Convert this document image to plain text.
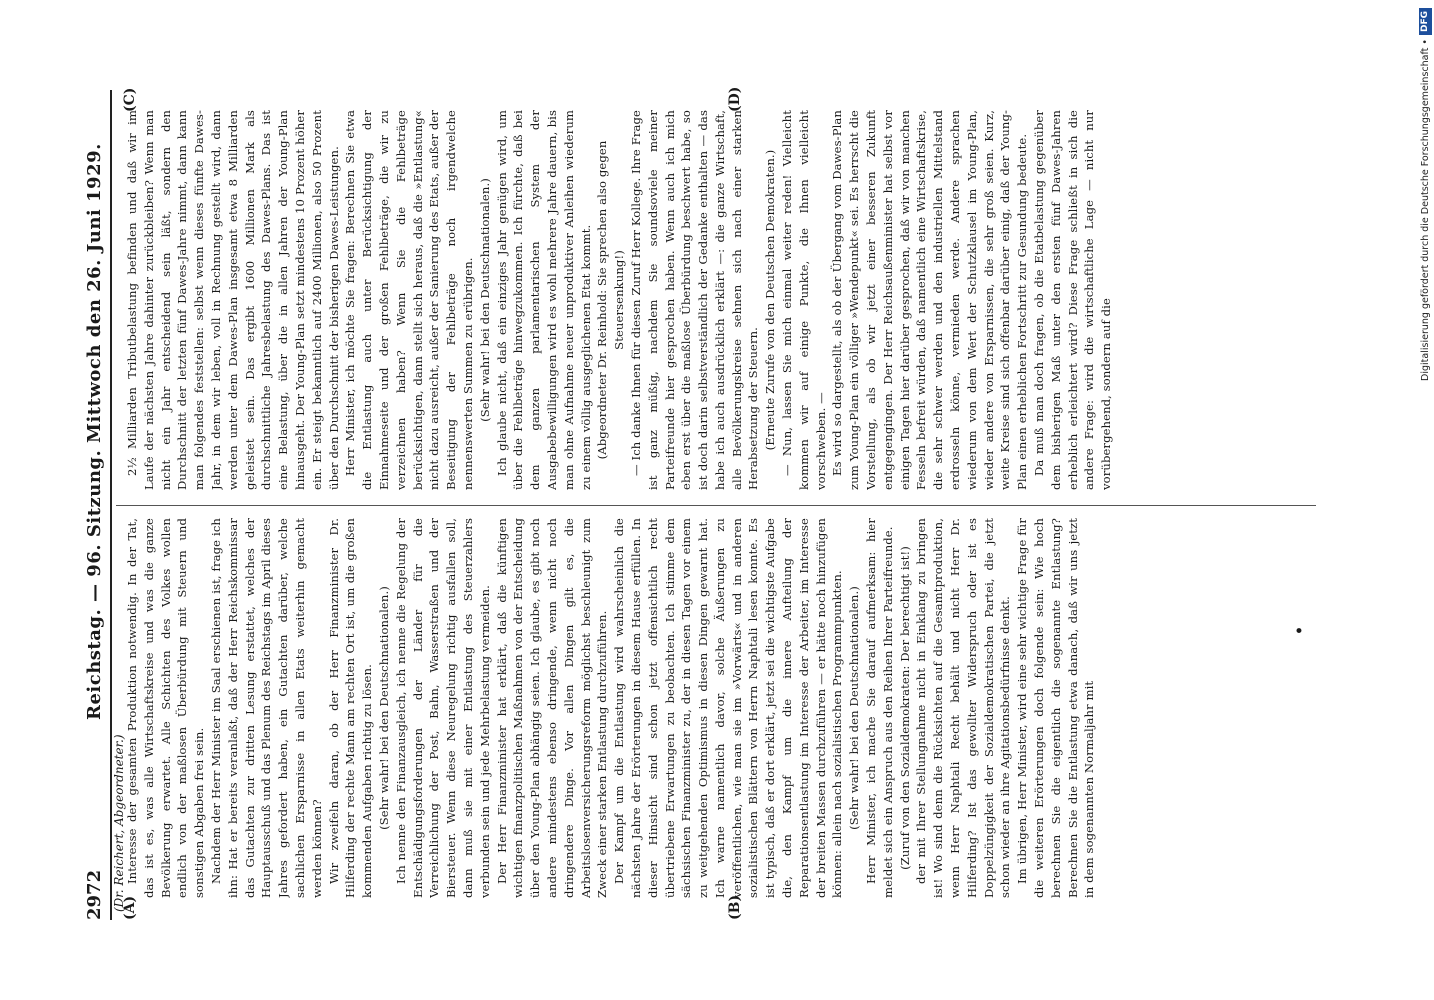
2972
Reichstag. — 96. Sitzung. Mittwoch den 26. Juni 1929.
(Dr. Reichert, Abgeordneter.)
(A)	(B)
(C)	(D)

Interesse der gesamten Produktion notwendig. In der Tat, das ist es, was alle Wirtschaftskreise und was die ganze Bevölkerung erwartet. Alle Schichten des Volkes wollen endlich von der maßlosen Überbürdung mit Steuern und sonstigen Abgaben frei sein. Nachdem der Herr Minister im Saal erschienen ist, frage ich ihn: Hat er bereits veranlaßt, daß der Herr Reichskommissar das Gutachten zur dritten Lesung erstattet, welches der Hauptausschuß und das Plenum des Reichstags im April dieses Jahres gefordert haben, ein Gutachten darüber, welche sachlichen Ersparnisse in allen Etats weiterhin gemacht werden können? Wir zweifeln daran, ob der Herr Finanzminister Dr. Hilferding der rechte Mann am rechten Ort ist, um die großen kommenden Aufgaben richtig zu lösen. (Sehr wahr! bei den Deutschnationalen.) Ich nenne den Finanzausgleich, ich nenne die Regelung der Entschädigungsforderungen der Länder für die Verreichlichung der Post, Bahn, Wasserstraßen und der Biersteuer. Wenn diese Neuregelung richtig ausfallen soll, dann muß sie mit einer Entlastung des Steuerzahlers verbunden sein und jede Mehrbelastung vermeiden. Der Herr Finanzminister hat erklärt, daß die künftigen wichtigen finanzpolitischen Maßnahmen von der Entscheidung über den Young-Plan abhängig seien. Ich glaube, es gibt noch andere mindestens ebenso dringende, wenn nicht noch dringendere Dinge. Vor allen Dingen gilt es, die Arbeitslosenversicherungsreform möglichst beschleunigt zum Zweck einer starken Entlastung durchzuführen. Der Kampf um die Entlastung wird wahrscheinlich die nächsten Jahre der Erörterungen in diesem Hause erfüllen. In dieser Hinsicht sind schon jetzt offensichtlich recht übertriebene Erwartungen zu beobachten. Ich stimme dem sächsischen Finanzminister zu, der in diesen Tagen vor einem zu weitgehenden Optimismus in diesen Dingen gewarnt hat. Ich warne namentlich davor, solche Äußerungen zu veröffentlichen, wie man sie im »Vorwärts« und in anderen sozialistischen Blättern von Herrn Naphtali lesen konnte. Es ist typisch, daß er dort erklärt, jetzt sei die wichtigste Aufgabe die, den Kampf um die innere Aufteilung der Reparationsentlastung im Interesse der Arbeiter, im Interesse der breiten Massen durchzuführen — er hätte noch hinzufügen können: allein nach sozialistischen Programmpunkten. (Sehr wahr! bei den Deutschnationalen.) Herr Minister, ich mache Sie darauf aufmerksam: hier meldet sich ein Anspruch aus den Reihen Ihrer Parteifreunde. (Zuruf von den Sozialdemokraten: Der berechtigt ist!) der mit Ihrer Stellungnahme nicht in Einklang zu bringen ist! Wo sind denn die Rücksichten auf die Gesamtproduktion, wenn Herr Naphtali Recht behält und nicht Herr Dr. Hilferding? Ist das gewollter Widerspruch oder ist es Doppelzüngigkeit der Sozialdemokratischen Partei, die jetzt schon wieder an ihre Agitationsbedürfnisse denkt. Im übrigen, Herr Minister, wird eine sehr wichtige Frage für die weiteren Erörterungen doch folgende sein: Wie hoch berechnen Sie die eigentlich die sogenannte Entlastung? Berechnen Sie die Entlastung etwa danach, daß wir uns jetzt in dem sogenannten Normaljahr mit

2½ Milliarden Tributbelastung befinden und daß wir im Laufe der nächsten Jahre dahinter zurückbleiben? Wenn man nicht ein Jahr entscheidend sein läßt, sondern den Durchschnitt der letzten fünf Dawes-Jahre nimmt, dann kann man folgendes feststellen: selbst wenn dieses fünfte Dawes-Jahr, in dem wir leben, voll in Rechnung gestellt wird, dann werden unter dem Dawes-Plan insgesamt etwa 8 Milliarden geleistet sein. Das ergibt 1600 Millionen Mark als durchschnittliche Jahresbelastung des Dawes-Plans. Das ist eine Belastung, über die in allen Jahren der Young-Plan hinausgeht. Der Young-Plan setzt mindestens 10 Prozent höher ein. Er steigt bekanntlich auf 2400 Millionen, also 50 Prozent über den Durchschnitt der bisherigen Dawes-Leistungen. Herr Minister, ich möchte Sie fragen: Berechnen Sie etwa die Entlastung auch unter Berücksichtigung der Einnahmeseite und der großen Fehlbeträge, die wir zu verzeichnen haben? Wenn Sie die Fehlbeträge berücksichtigen, dann stellt sich heraus, daß die »Entlastung« nicht dazu ausreicht, außer der Sanierung des Etats, außer der Beseitigung der Fehlbeträge noch irgendwelche nennenswerten Summen zu erübrigen. (Sehr wahr! bei den Deutschnationalen.) Ich glaube nicht, daß ein einziges Jahr genügen wird, um über die Fehlbeträge hinwegzukommen. Ich fürchte, daß bei dem ganzen parlamentarischen System der Ausgabebewilligungen wird es wohl mehrere Jahre dauern, bis man ohne Aufnahme neuer unproduktiver Anleihen wiederum zu einem völlig ausgeglichenen Etat kommt. (Abgeordneter Dr. Reinhold: Sie sprechen also gegen Steuersenkung!) — Ich danke Ihnen für diesen Zuruf Herr Kollege. Ihre Frage ist ganz müßig, nachdem Sie soundsoviele meiner Parteifreunde hier gesprochen haben. Wenn auch ich mich eben erst über die maßlose Überbürdung beschwert habe, so ist doch darin selbstverständlich der Gedanke enthalten — das habe ich auch ausdrücklich erklärt —: die ganze Wirtschaft, alle Bevölkerungskreise sehnen sich nach einer starken Herabsetzung der Steuern. (Erneute Zurufe von den Deutschen Demokraten.) — Nun, lassen Sie mich einmal weiter reden! Vielleicht kommen wir auf einige Punkte, die Ihnen vielleicht vorschweben. — Es wird so dargestellt, als ob der Übergang vom Dawes-Plan zum Young-Plan ein völliger »Wendepunkt« sei. Es herrscht die Vorstellung, als ob wir jetzt einer besseren Zukunft entgegengingen. Der Herr Reichsaußenminister hat selbst vor einigen Tagen hier darüber gesprochen, daß wir von manchen Fesseln befreit würden, daß namentlich eine Wirtschaftskrise, die sehr schwer werden und den industriellen Mittelstand erdrosseln könne, vermieden werde. Andere sprachen wiederum von dem Wert der Schutzklausel im Young-Plan, wieder andere von Ersparnissen, die sehr groß seien. Kurz, weite Kreise sind sich offenbar darüber einig, daß der Young-Plan einen erheblichen Fortschritt zur Gesundung bedeute. Da muß man doch fragen, ob die Etatbelastung gegenüber dem bisherigen Maß unter den ersten fünf Dawes-Jahren erheblich erleichtert wird? Diese Frage schließt in sich die andere Frage: wird die wirtschaftliche Lage — nicht nur vorübergehend, sondern auf die

•
Digitalisierung gefördert durch die Deutsche Forschungsgemeinschaft •
DFG
